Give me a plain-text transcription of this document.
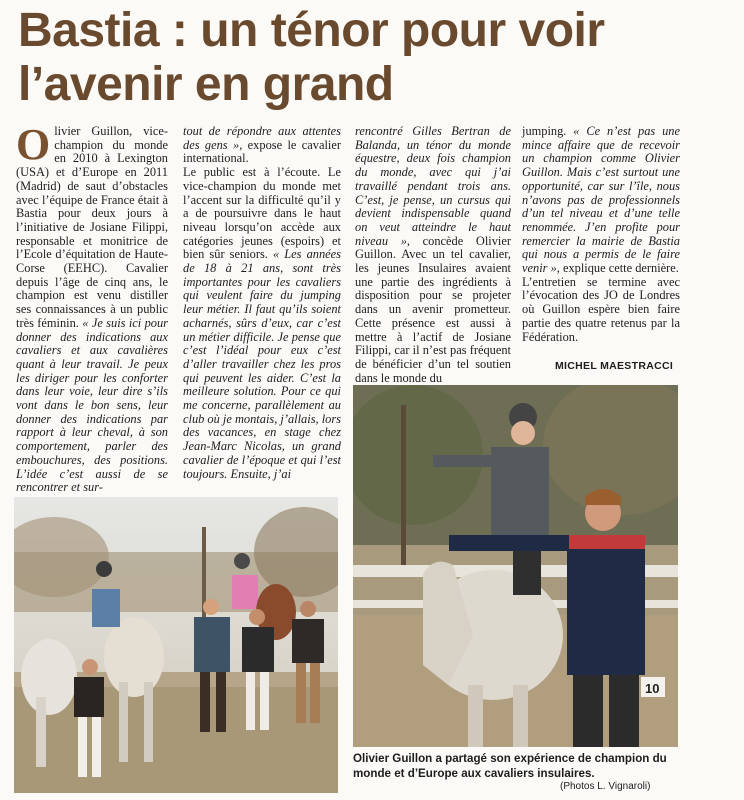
Bastia : un ténor pour voir
l’avenir en grand
O livier Guillon, vice-champion du monde en 2010 à Lexington (USA) et d’Europe en 2011 (Madrid) de saut d’obstacles avec l’équipe de France était à Bastia pour deux jours à l’initiative de Josiane Filippi, responsable et monitrice de l’Ecole d’équitation de Haute-Corse (EEHC). Cavalier depuis l’âge de cinq ans, le champion est venu distiller ses connaissances à un public très féminin. « Je suis ici pour donner des indications aux cavaliers et aux cavalières quant à leur travail. Je peux les diriger pour les conforter dans leur voie, leur dire s’ils vont dans le bon sens, leur donner des indications par rapport à leur cheval, à son comportement, parler des embouchures, des positions. L’idée c’est aussi de se rencontrer et sur-

tout de répondre aux attentes des gens », expose le cavalier international.

Le public est à l’écoute. Le vice-champion du monde met l’accent sur la difficulté qu’il y a de poursuivre dans le haut niveau lorsqu’on accède aux catégories jeunes (espoirs) et bien sûr seniors. « Les années de 18 à 21 ans, sont très importantes pour les cavaliers qui veulent faire du jumping leur métier. Il faut qu’ils soient acharnés, sûrs d’eux, car c’est un métier difficile. Je pense que c’est l’idéal pour eux c’est d’aller travailler chez les pros qui peuvent les aider. C’est la meilleure solution. Pour ce qui me concerne, parallèlement au club où je montais, j’allais, lors des vacances, en stage chez Jean-Marc Nicolas, un grand cavalier de l’époque et qui l’est toujours. Ensuite, j’ai

rencontré Gilles Bertran de Balanda, un ténor du monde équestre, deux fois champion du monde, avec qui j’ai travaillé pendant trois ans. C’est, je pense, un cursus qui devient indispensable quand on veut atteindre le haut niveau », concède Olivier Guillon. Avec un tel cavalier, les jeunes Insulaires avaient une partie des ingrédients à disposition pour se projeter dans un avenir prometteur. Cette présence est aussi à mettre à l’actif de Josiane Filippi, car il n’est pas fréquent de bénéficier d’un tel soutien dans le monde du

jumping. « Ce n’est pas une mince affaire que de recevoir un champion comme Olivier Guillon. Mais c’est surtout une opportunité, car sur l’île, nous n’avons pas de professionnels d’un tel niveau et d’une telle renommée. J’en profite pour remercier la mairie de Bastia qui nous a permis de le faire venir », explique cette dernière.

L’entretien se termine avec l’évocation des JO de Londres où Guillon espère bien faire partie des quatre retenus par la Fédération.

MICHEL MAESTRACCI
10
Olivier Guillon a partagé son expérience de champion du monde et d’Europe aux cavaliers insulaires.
(Photos L. Vignaroli)
